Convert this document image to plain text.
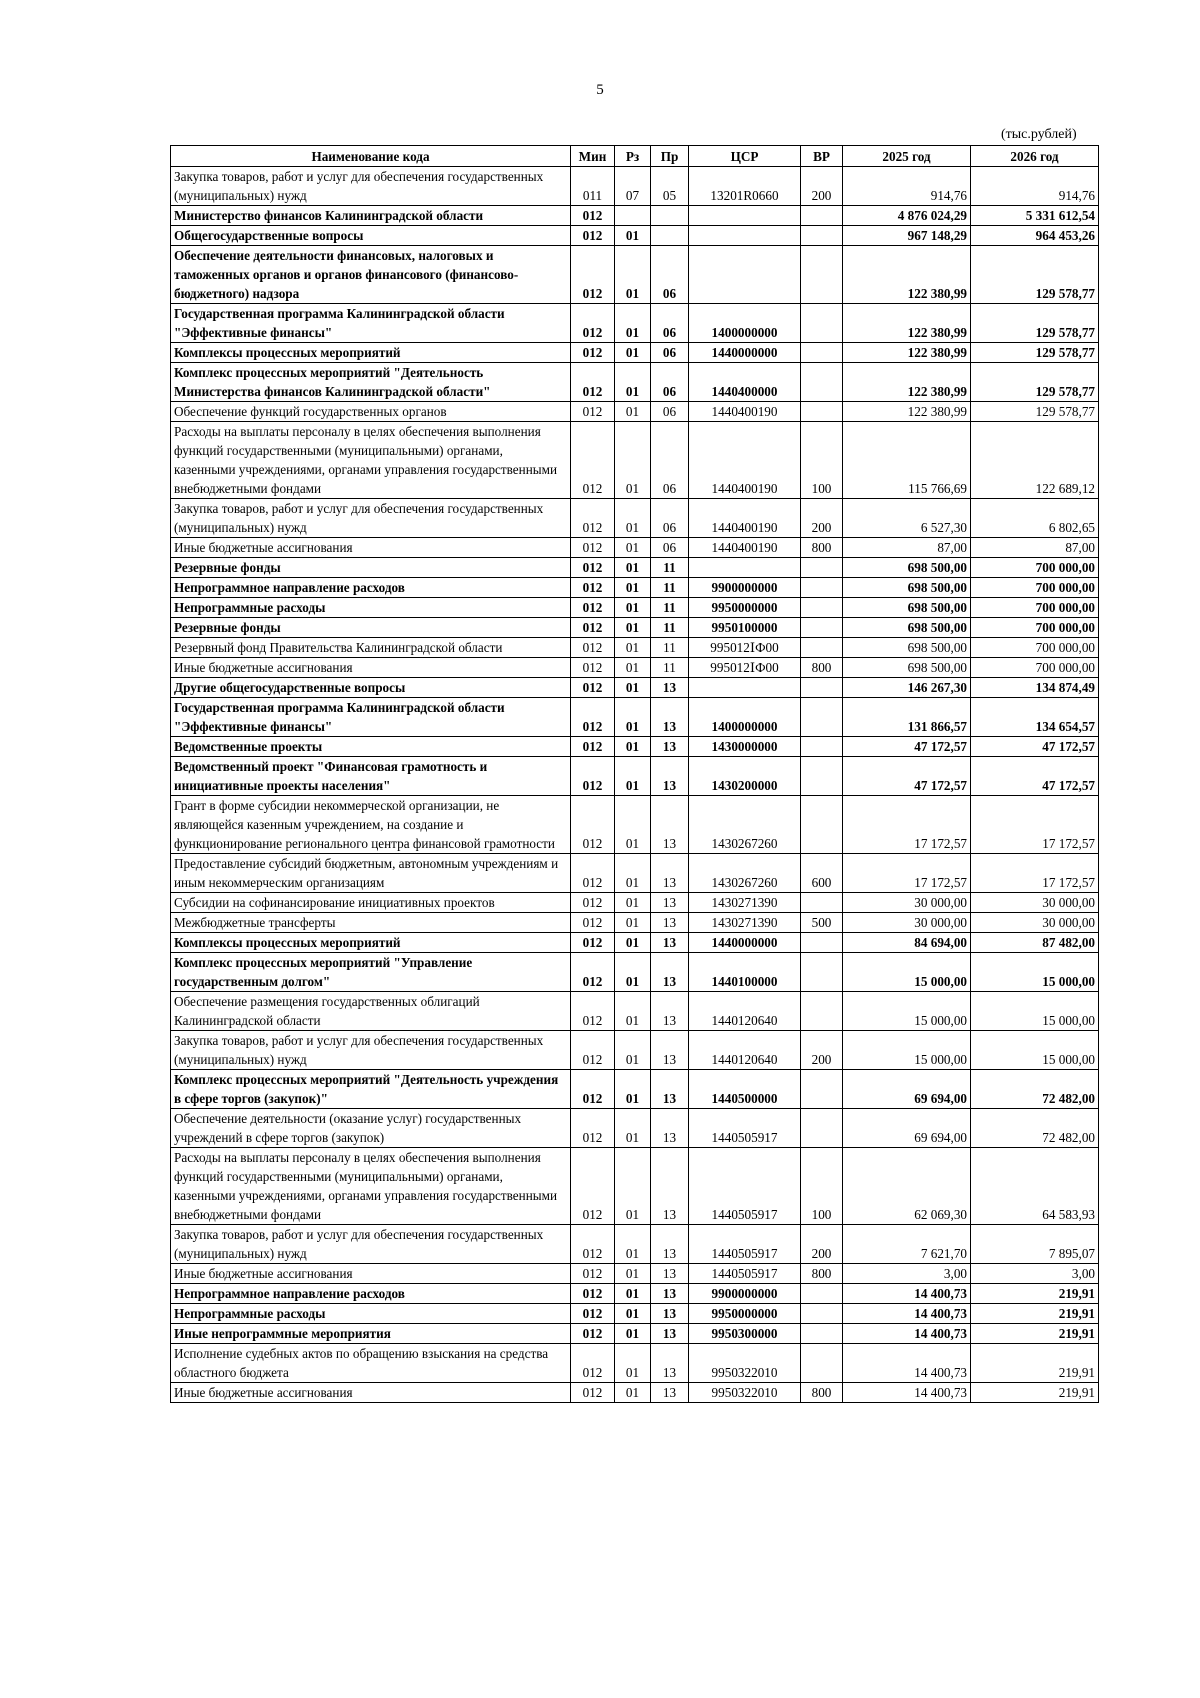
5
(тыс.рублей)
Наименование кода	Мин	Рз	Пр	ЦСР	ВР	2025 год	2026 год
Закупка товаров, работ и услуг для обеспечения государственных (муниципальных) нужд	011	07	05	13201R0660	200	914,76	914,76
Министерство финансов Калининградской области	012					4 876 024,29	5 331 612,54
Общегосударственные вопросы	012	01				967 148,29	964 453,26
Обеспечение деятельности финансовых, налоговых и таможенных органов и органов финансового (финансово-бюджетного) надзора	012	01	06			122 380,99	129 578,77
Государственная программа Калининградской области "Эффективные финансы"	012	01	06	1400000000		122 380,99	129 578,77
Комплексы процессных мероприятий	012	01	06	1440000000		122 380,99	129 578,77
Комплекс процессных мероприятий "Деятельность Министерства финансов Калининградской области"	012	01	06	1440400000		122 380,99	129 578,77
Обеспечение функций государственных органов	012	01	06	1440400190		122 380,99	129 578,77
Расходы на выплаты персоналу в целях обеспечения выполнения функций государственными (муниципальными) органами, казенными учреждениями, органами управления государственными внебюджетными фондами	012	01	06	1440400190	100	115 766,69	122 689,12
Закупка товаров, работ и услуг для обеспечения государственных (муниципальных) нужд	012	01	06	1440400190	200	6 527,30	6 802,65
Иные бюджетные ассигнования	012	01	06	1440400190	800	87,00	87,00
Резервные фонды	012	01	11			698 500,00	700 000,00
Непрограммное направление расходов	012	01	11	9900000000		698 500,00	700 000,00
Непрограммные расходы	012	01	11	9950000000		698 500,00	700 000,00
Резервные фонды	012	01	11	9950100000		698 500,00	700 000,00
Резервный фонд Правительства Калининградской области	012	01	11	995012ⅠФ00		698 500,00	700 000,00
Иные бюджетные ассигнования	012	01	11	995012ⅠФ00	800	698 500,00	700 000,00
Другие общегосударственные вопросы	012	01	13			146 267,30	134 874,49
Государственная программа Калининградской области "Эффективные финансы"	012	01	13	1400000000		131 866,57	134 654,57
Ведомственные проекты	012	01	13	1430000000		47 172,57	47 172,57
Ведомственный проект "Финансовая грамотность и инициативные проекты населения"	012	01	13	1430200000		47 172,57	47 172,57
Грант в форме субсидии некоммерческой организации, не являющейся казенным учреждением, на создание и функционирование регионального центра финансовой грамотности	012	01	13	1430267260		17 172,57	17 172,57
Предоставление субсидий бюджетным, автономным учреждениям и иным некоммерческим организациям	012	01	13	1430267260	600	17 172,57	17 172,57
Субсидии на софинансирование инициативных проектов	012	01	13	1430271390		30 000,00	30 000,00
Межбюджетные трансферты	012	01	13	1430271390	500	30 000,00	30 000,00
Комплексы процессных мероприятий	012	01	13	1440000000		84 694,00	87 482,00
Комплекс процессных мероприятий "Управление государственным долгом"	012	01	13	1440100000		15 000,00	15 000,00
Обеспечение размещения государственных облигаций Калининградской области	012	01	13	1440120640		15 000,00	15 000,00
Закупка товаров, работ и услуг для обеспечения государственных (муниципальных) нужд	012	01	13	1440120640	200	15 000,00	15 000,00
Комплекс процессных мероприятий "Деятельность учреждения в сфере торгов (закупок)"	012	01	13	1440500000		69 694,00	72 482,00
Обеспечение деятельности (оказание услуг) государственных учреждений в сфере торгов (закупок)	012	01	13	1440505917		69 694,00	72 482,00
Расходы на выплаты персоналу в целях обеспечения выполнения функций государственными (муниципальными) органами, казенными учреждениями, органами управления государственными внебюджетными фондами	012	01	13	1440505917	100	62 069,30	64 583,93
Закупка товаров, работ и услуг для обеспечения государственных (муниципальных) нужд	012	01	13	1440505917	200	7 621,70	7 895,07
Иные бюджетные ассигнования	012	01	13	1440505917	800	3,00	3,00
Непрограммное направление расходов	012	01	13	9900000000		14 400,73	219,91
Непрограммные расходы	012	01	13	9950000000		14 400,73	219,91
Иные непрограммные мероприятия	012	01	13	9950300000		14 400,73	219,91
Исполнение судебных актов по обращению взыскания на средства областного бюджета	012	01	13	9950322010		14 400,73	219,91
Иные бюджетные ассигнования	012	01	13	9950322010	800	14 400,73	219,91
